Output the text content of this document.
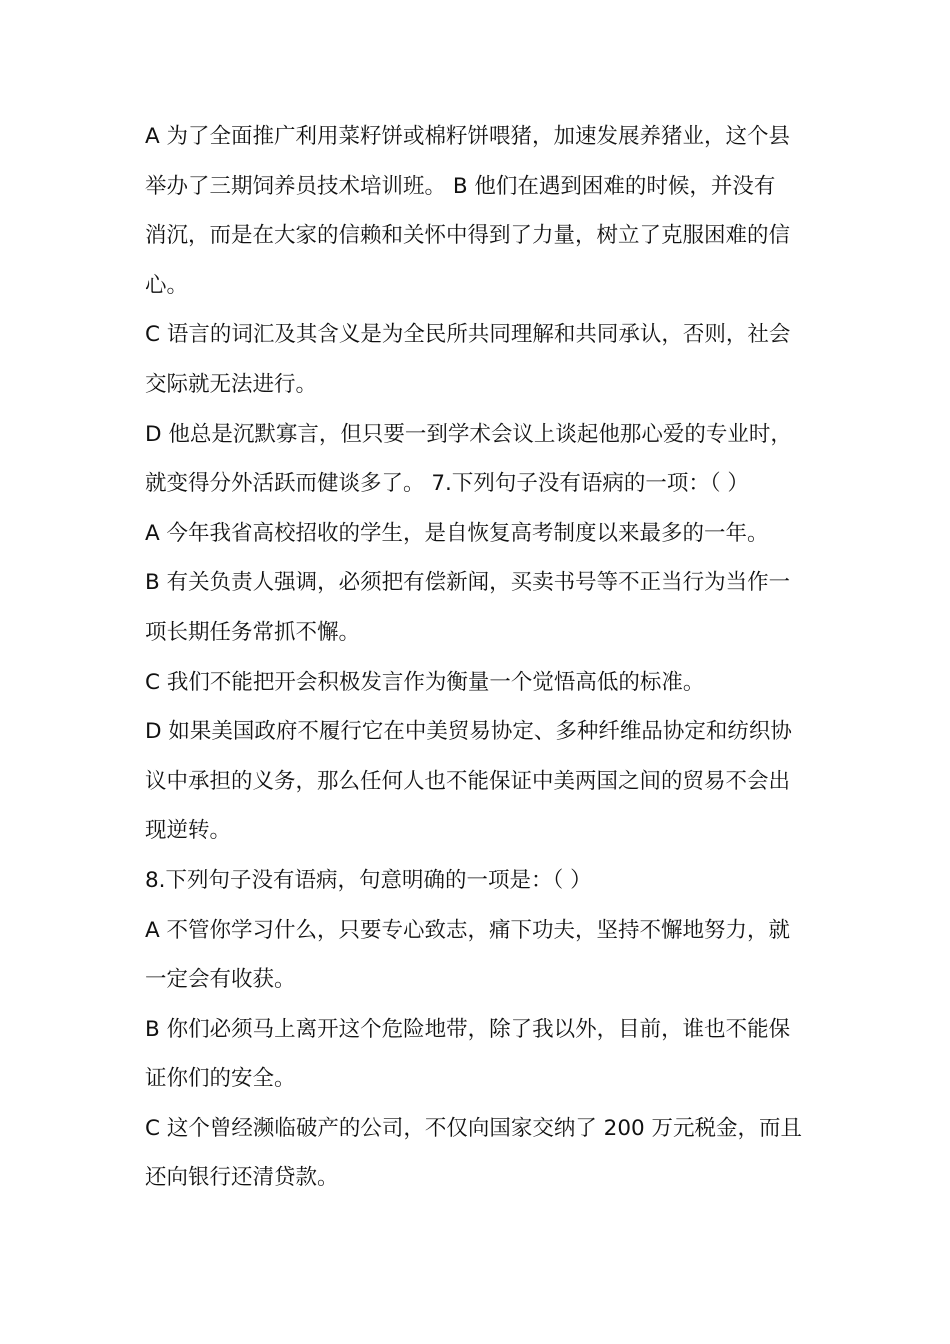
A 为了全面推广利用菜籽饼或棉籽饼喂猪，加速发展养猪业，这个县
举办了三期饲养员技术培训班。 B 他们在遇到困难的时候，并没有
消沉，而是在大家的信赖和关怀中得到了力量，树立了克服困难的信
心。
C 语言的词汇及其含义是为全民所共同理解和共同承认，否则，社会
交际就无法进行。
D 他总是沉默寡言，但只要一到学术会议上谈起他那心爱的专业时，
就变得分外活跃而健谈多了。 7.下列句子没有语病的一项：（ ）
A 今年我省高校招收的学生，是自恢复高考制度以来最多的一年。
B 有关负责人强调，必须把有偿新闻，买卖书号等不正当行为当作一
项长期任务常抓不懈。
C 我们不能把开会积极发言作为衡量一个觉悟高低的标准。
D 如果美国政府不履行它在中美贸易协定、多种纤维品协定和纺织协
议中承担的义务，那么任何人也不能保证中美两国之间的贸易不会出
现逆转。
8.下列句子没有语病，句意明确的一项是：（ ）
A 不管你学习什么，只要专心致志，痛下功夫，坚持不懈地努力，就
一定会有收获。
B 你们必须马上离开这个危险地带，除了我以外，目前，谁也不能保
证你们的安全。
C 这个曾经濒临破产的公司，不仅向国家交纳了 200 万元税金，而且
还向银行还清贷款。
